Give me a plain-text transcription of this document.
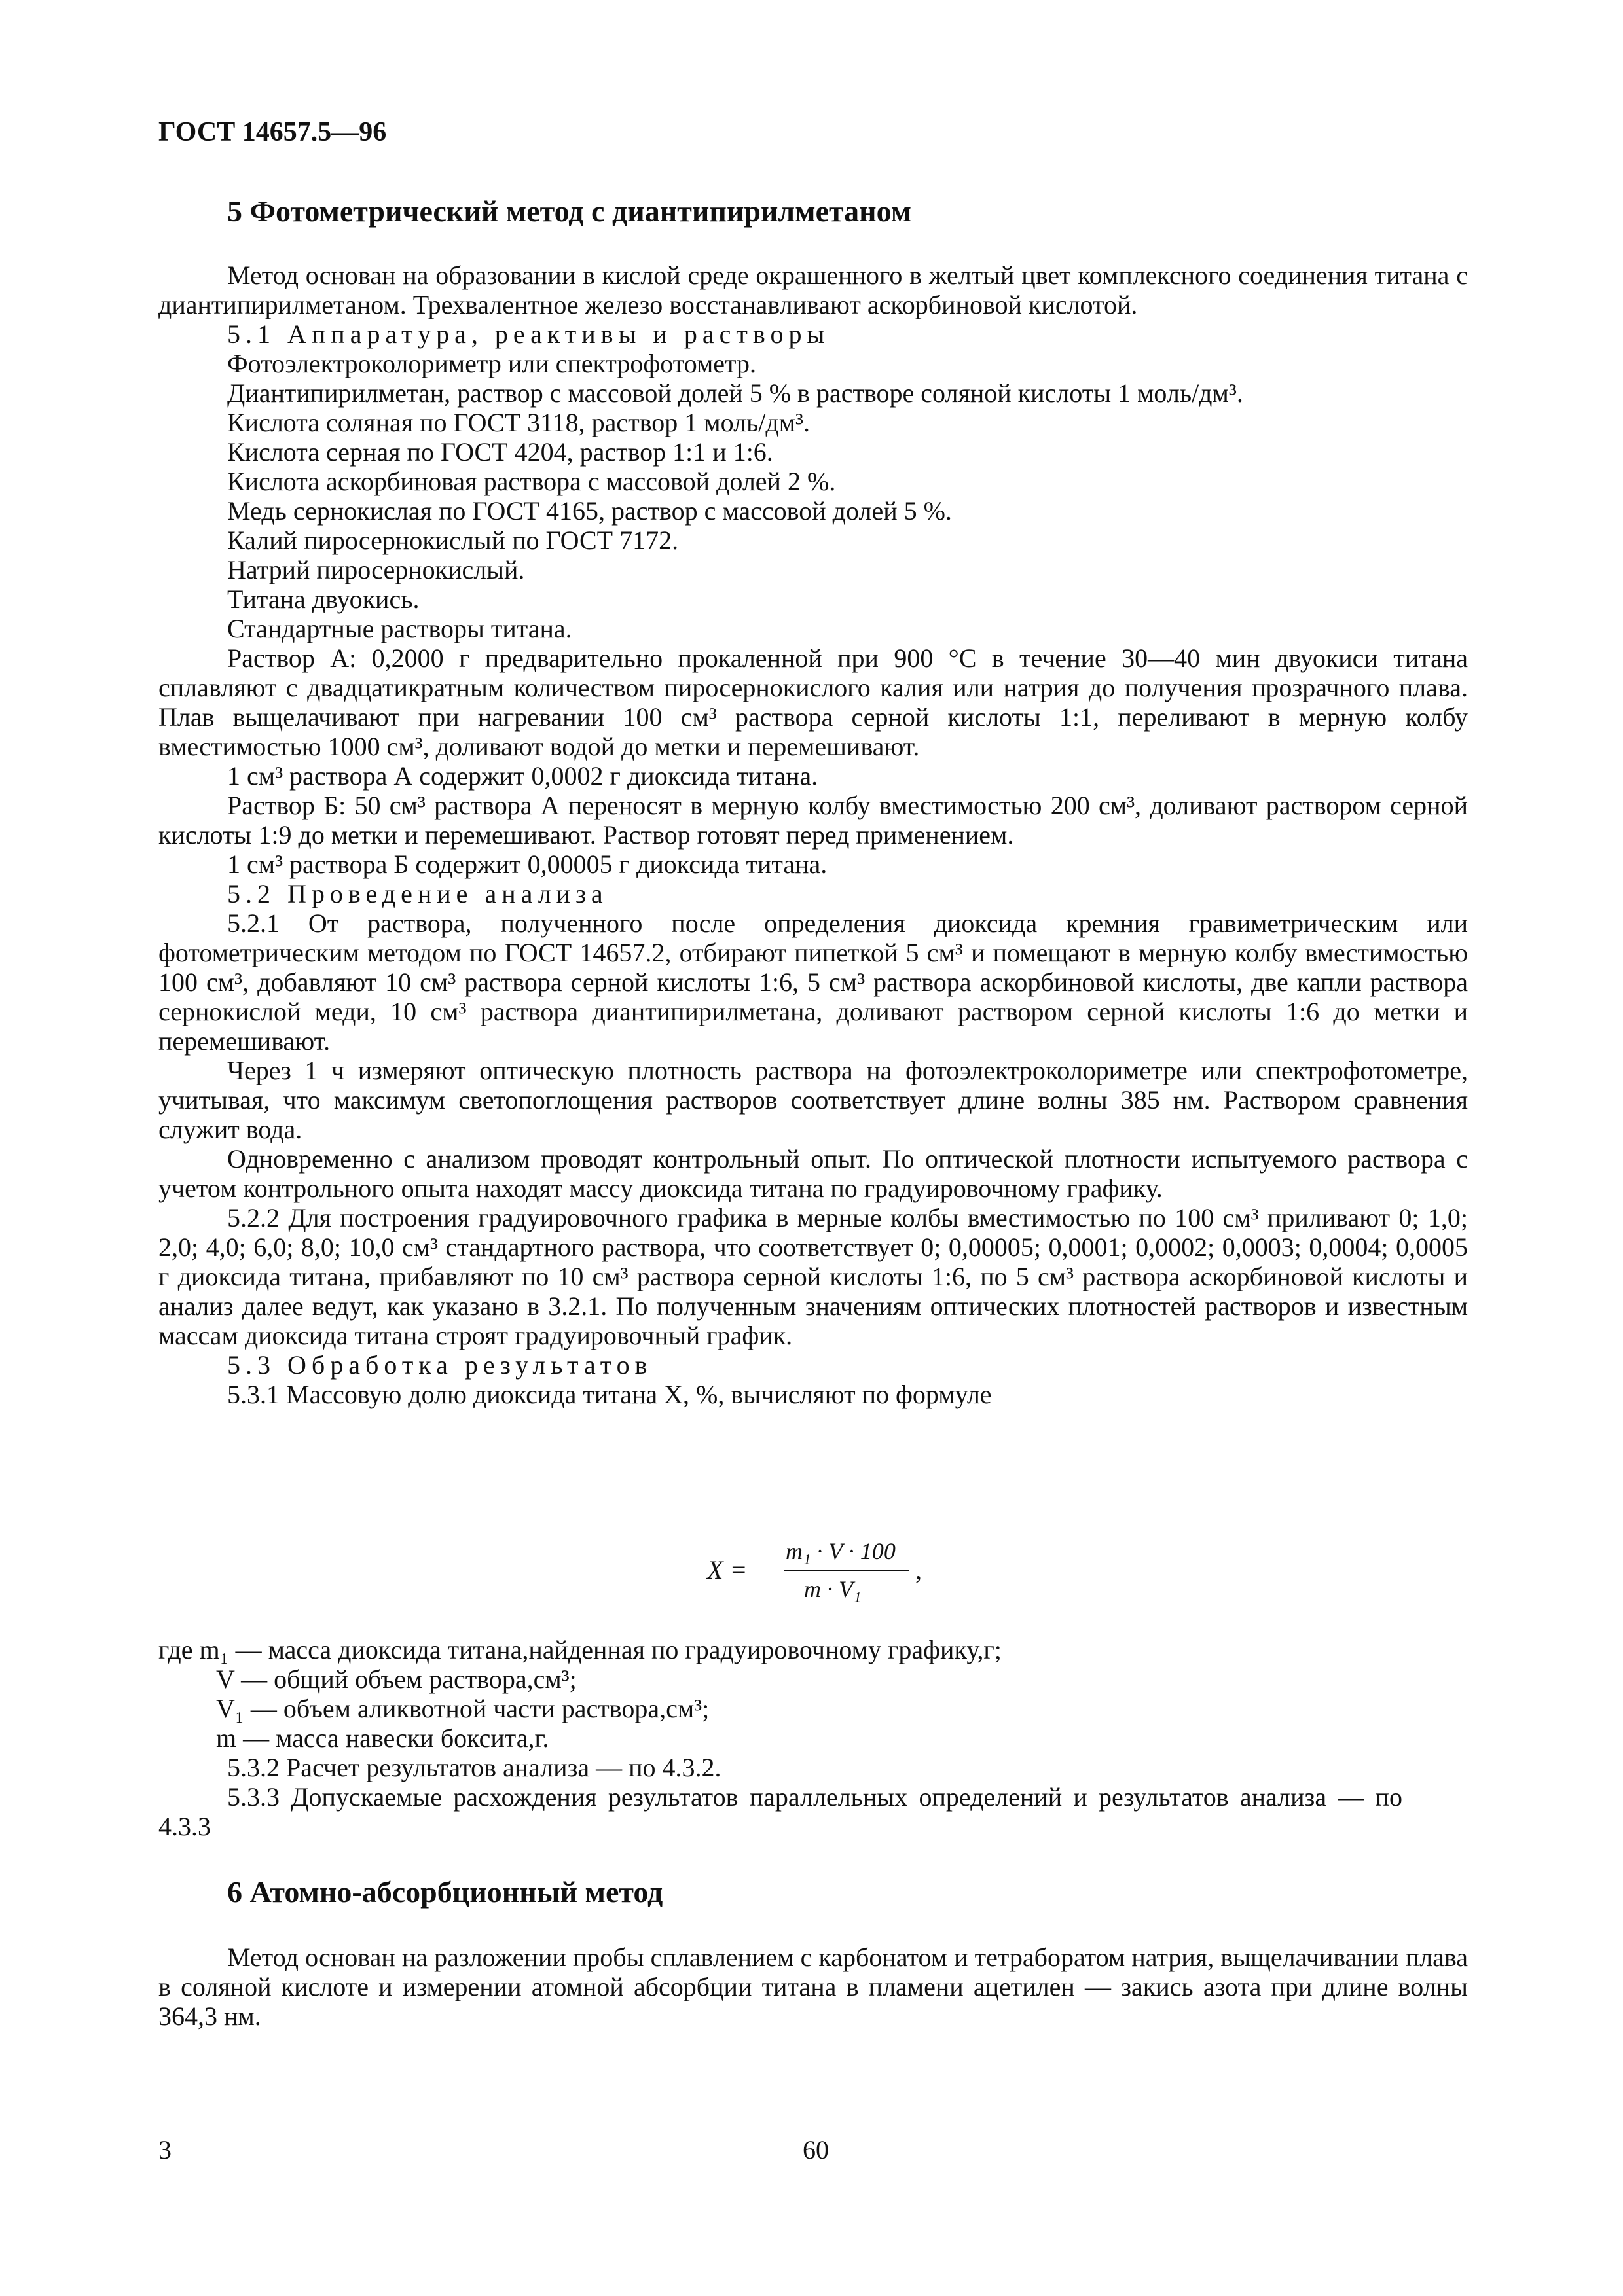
ГОСТ 14657.5—96
5 Фотометрический метод с диантипирилметаном

Метод основан на образовании в кислой среде окрашенного в желтый цвет комплексного соединения титана с диантипирилметаном. Трехвалентное железо восстанавливают аскорбиновой кислотой.

5.1 Аппаратура, реактивы и растворы

Фотоэлектроколориметр или спектрофотометр.

Диантипирилметан, раствор с массовой долей 5 % в растворе соляной кислоты 1 моль/дм³.

Кислота соляная по ГОСТ 3118, раствор 1 моль/дм³.

Кислота серная по ГОСТ 4204, раствор 1:1 и 1:6.

Кислота аскорбиновая раствора с массовой долей 2 %.

Медь сернокислая по ГОСТ 4165, раствор с массовой долей 5 %.

Калий пиросернокислый по ГОСТ 7172.

Натрий пиросернокислый.

Титана двуокись.

Стандартные растворы титана.

Раствор А: 0,2000 г предварительно прокаленной при 900 °С в течение 30—40 мин двуокиси титана сплавляют с двадцатикратным количеством пиросернокислого калия или натрия до получения прозрачного плава. Плав выщелачивают при нагревании 100 см³ раствора серной кислоты 1:1, переливают в мерную колбу вместимостью 1000 см³, доливают водой до метки и перемешивают.

1 см³ раствора А содержит 0,0002 г диоксида титана.

Раствор Б: 50 см³ раствора А переносят в мерную колбу вместимостью 200 см³, доливают раствором серной кислоты 1:9 до метки и перемешивают. Раствор готовят перед применением.

1 см³ раствора Б содержит 0,00005 г диоксида титана.

5.2 Проведение анализа

5.2.1 От раствора, полученного после определения диоксида кремния гравиметрическим или фотометрическим методом по ГОСТ 14657.2, отбирают пипеткой 5 см³ и помещают в мерную колбу вместимостью 100 см³, добавляют 10 см³ раствора серной кислоты 1:6, 5 см³ раствора аскорбиновой кислоты, две капли раствора сернокислой меди, 10 см³ раствора диантипирилметана, доливают раствором серной кислоты 1:6 до метки и перемешивают.

Через 1 ч измеряют оптическую плотность раствора на фотоэлектроколориметре или спектрофотометре, учитывая, что максимум светопоглощения растворов соответствует длине волны 385 нм. Раствором сравнения служит вода.

Одновременно с анализом проводят контрольный опыт. По оптической плотности испытуемого раствора с учетом контрольного опыта находят массу диоксида титана по градуировочному графику.

5.2.2 Для построения градуировочного графика в мерные колбы вместимостью по 100 см³ приливают 0; 1,0; 2,0; 4,0; 6,0; 8,0; 10,0 см³ стандартного раствора, что соответствует 0; 0,00005; 0,0001; 0,0002; 0,0003; 0,0004; 0,0005 г диоксида титана, прибавляют по 10 см³ раствора серной кислоты 1:6, по 5 см³ раствора аскорбиновой кислоты и анализ далее ведут, как указано в 3.2.1. По полученным значениям оптических плотностей растворов и известным массам диоксида титана строят градуировочный график.

5.3 Обработка результатов

5.3.1 Массовую долю диоксида титана X, %, вычисляют по формуле

X =
m₁ · V · 100
m · V₁
,

где m₁ — масса диоксида титана,найденная по градуировочному графику,г;

V — общий объем раствора,см³;

V₁ — объем аликвотной части раствора,см³;

m — масса навески боксита,г.

5.3.2 Расчет результатов анализа — по 4.3.2.

5.3.3 Допускаемые расхождения результатов параллельных определений и результатов анализа — по 4.3.3

6 Атомно-абсорбционный метод

Метод основан на разложении пробы сплавлением с карбонатом и тетраборатом натрия, выщелачивании плава в соляной кислоте и измерении атомной абсорбции титана в пламени ацетилен — закись азота при длине волны 364,3 нм.

3	60
